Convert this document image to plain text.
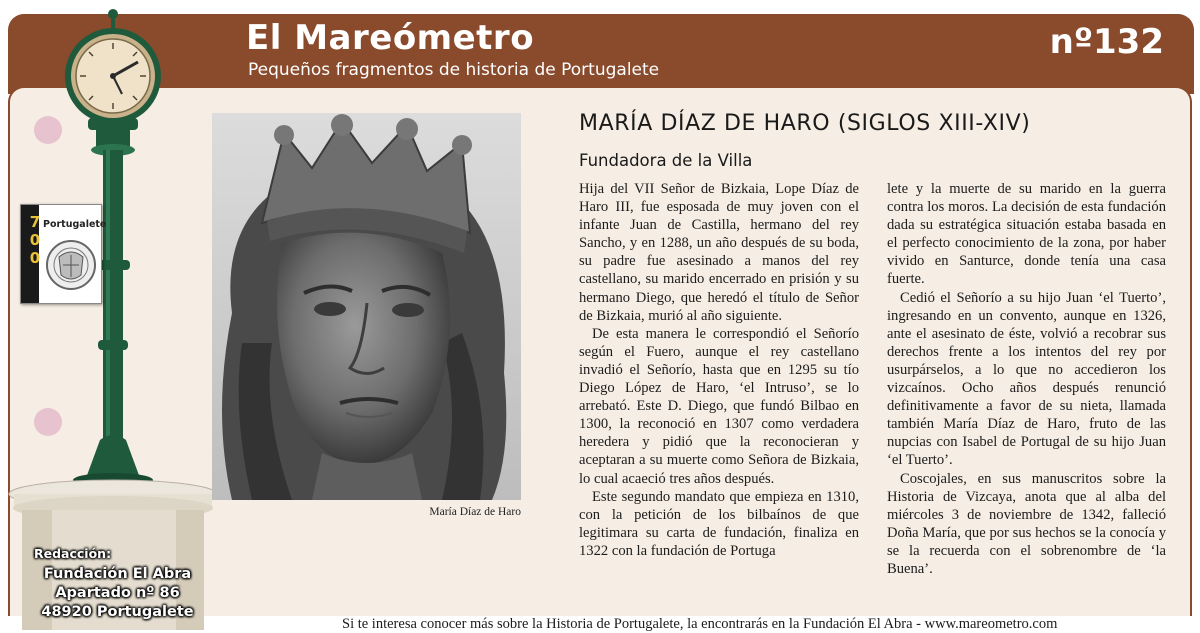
El Mareómetro
Pequeños fragmentos de historia de Portugalete
nº132
700 Portugalete
María Díaz de Haro
MARÍA DÍAZ DE HARO (SIGLOS XIII-XIV)
Fundadora de la Villa

Hija del VII Señor de Bizkaia, Lope Díaz de Haro III, fue esposada de muy joven con el infante Juan de Castilla, hermano del rey Sancho, y en 1288, un año después de su boda, su padre fue asesinado a manos del rey castellano, su marido encerrado en prisión y su hermano Diego, que heredó el título de Señor de Bizkaia, murió al año siguiente.

De esta manera le correspondió el Señorío según el Fuero, aunque el rey castellano invadió el Señorío, hasta que en 1295 su tío Diego López de Haro, ‘el Intruso’, se lo arrebató. Este D. Diego, que fundó Bilbao en 1300, la reconoció en 1307 como verdadera heredera y pidió que la reconocieran y aceptaran a su muerte como Señora de Bizkaia, lo cual acaeció tres años después.

Este segundo mandato que empieza en 1310, con la petición de los bilbaínos de que legitimara su carta de fundación, finaliza en 1322 con la fundación de Portuga

lete y la muerte de su marido en la guerra contra los moros. La decisión de esta fundación dada su estratégica situación estaba basada en el perfecto conocimiento de la zona, por haber vivido en Santurce, donde tenía una casa fuerte.

Cedió el Señorío a su hijo Juan ‘el Tuerto’, ingresando en un convento, aunque en 1326, ante el asesinato de éste, volvió a recobrar sus derechos frente a los intentos del rey por usurpárselos, a lo que no accedieron los vizcaínos. Ocho años después renunció definitivamente a favor de su nieta, llamada también María Díaz de Haro, fruto de las nupcias con Isabel de Portugal de su hijo Juan ‘el Tuerto’.

Coscojales, en sus manuscritos sobre la Historia de Vizcaya, anota que al alba del miércoles 3 de noviembre de 1342, falleció Doña María, que por sus hechos se la conocía y se la recuerda con el sobrenombre de ‘la Buena’.

Redacción:
Fundación El Abra
Apartado nº 86
48920 Portugalete
Si te interesa conocer más sobre la Historia de Portugalete, la encontrarás en la Fundación El Abra - www.mareometro.com
